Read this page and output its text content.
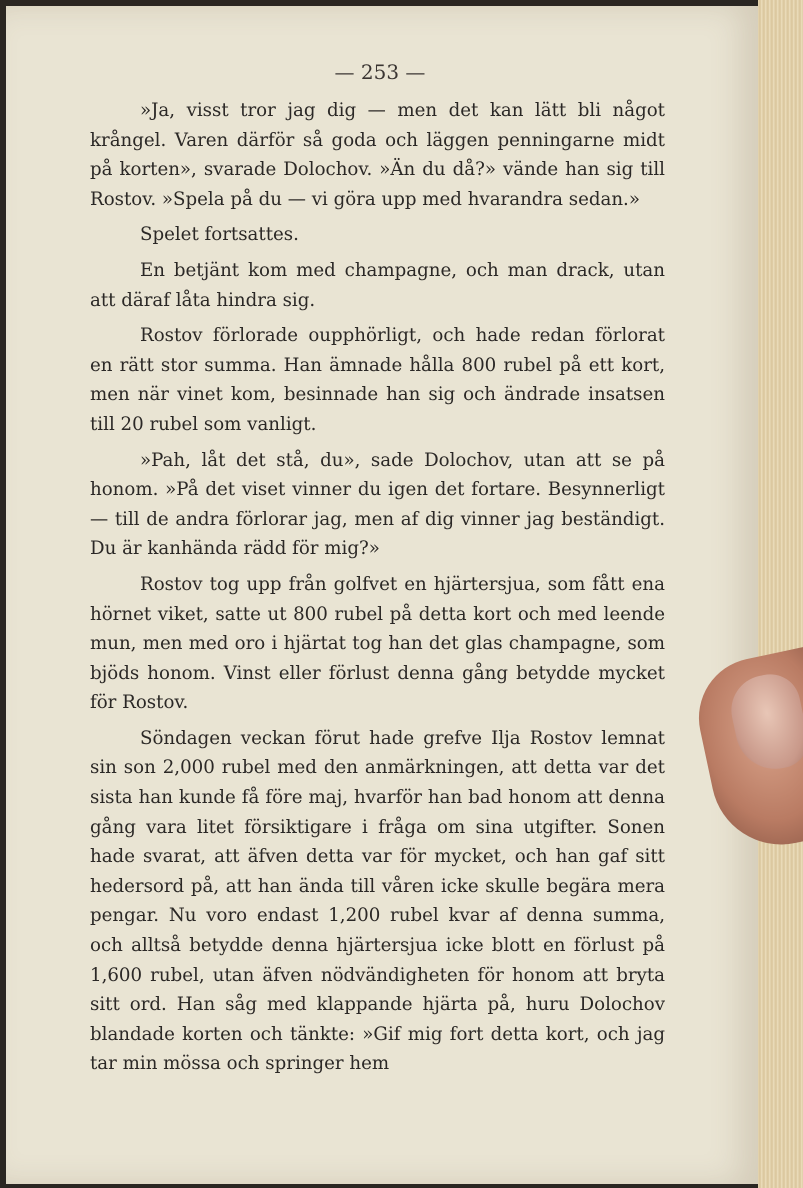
— 253 —

»Ja, visst tror jag dig — men det kan lätt bli något krångel. Varen därför så goda och läggen penningarne midt på korten», svarade Dolochov. »Än du då?» vände han sig till Rostov. »Spela på du — vi göra upp med hvarandra sedan.»

Spelet fortsattes.

En betjänt kom med champagne, och man drack, utan att däraf låta hindra sig.

Rostov förlorade oupphörligt, och hade redan förlorat en rätt stor summa. Han ämnade hålla 800 rubel på ett kort, men när vinet kom, besinnade han sig och ändrade insatsen till 20 rubel som vanligt.

»Pah, låt det stå, du», sade Dolochov, utan att se på honom. »På det viset vinner du igen det fortare. Besynnerligt — till de andra förlorar jag, men af dig vinner jag beständigt. Du är kanhända rädd för mig?»

Rostov tog upp från golfvet en hjärtersjua, som fått ena hörnet viket, satte ut 800 rubel på detta kort och med leende mun, men med oro i hjärtat tog han det glas champagne, som bjöds honom. Vinst eller förlust denna gång betydde mycket för Rostov.

Söndagen veckan förut hade grefve Ilja Rostov lemnat sin son 2,000 rubel med den anmärkningen, att detta var det sista han kunde få före maj, hvarför han bad honom att denna gång vara litet försiktigare i fråga om sina utgifter. Sonen hade svarat, att äfven detta var för mycket, och han gaf sitt hedersord på, att han ända till våren icke skulle begära mera pengar. Nu voro endast 1,200 rubel kvar af denna summa, och alltså betydde denna hjärtersjua icke blott en förlust på 1,600 rubel, utan äfven nödvändigheten för honom att bryta sitt ord. Han såg med klappande hjärta på, huru Dolochov blandade korten och tänkte: »Gif mig fort detta kort, och jag tar min mössa och springer hem
